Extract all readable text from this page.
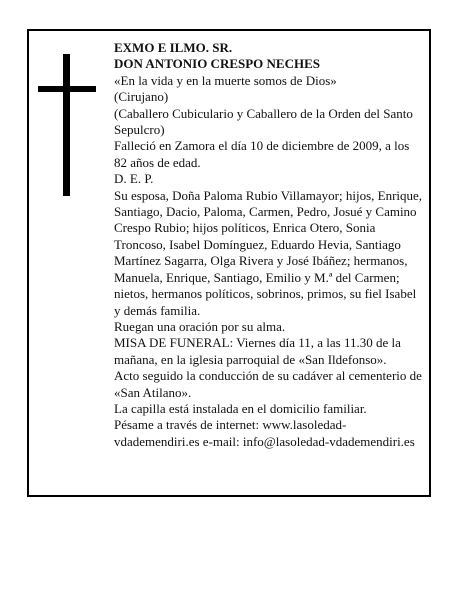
EXMO E ILMO. SR.

DON ANTONIO CRESPO NECHES

«En la vida y en la muerte somos de Dios»

(Cirujano)

(Caballero Cubiculario y Caballero de la Orden del Santo Sepulcro)

Falleció en Zamora el día 10 de diciembre de 2009, a los 82 años de edad.

D. E. P.

Su esposa, Doña Paloma Rubio Villamayor; hijos, Enrique, Santiago, Dacio, Paloma, Carmen, Pedro, Josué y Camino Crespo Rubio; hijos políticos, Enrica Otero, Sonia Troncoso, Isabel Domínguez, Eduardo Hevia, Santiago Martínez Sagarra, Olga Rivera y José Ibáñez; hermanos, Manuela, Enrique, Santiago, Emilio y M.ª del Carmen; nietos, hermanos políticos, sobrinos, primos, su fiel Isabel y demás familia.

Ruegan una oración por su alma.

MISA DE FUNERAL: Viernes día 11, a las 11.30 de la mañana, en la iglesia parroquial de «San Ildefonso».

Acto seguido la conducción de su cadáver al cementerio de «San Atilano».

La capilla está instalada en el domicilio familiar.

Pésame a través de internet: www.lasoledad-vdademendiri.es e-mail: info@lasoledad-vdademendiri.es
